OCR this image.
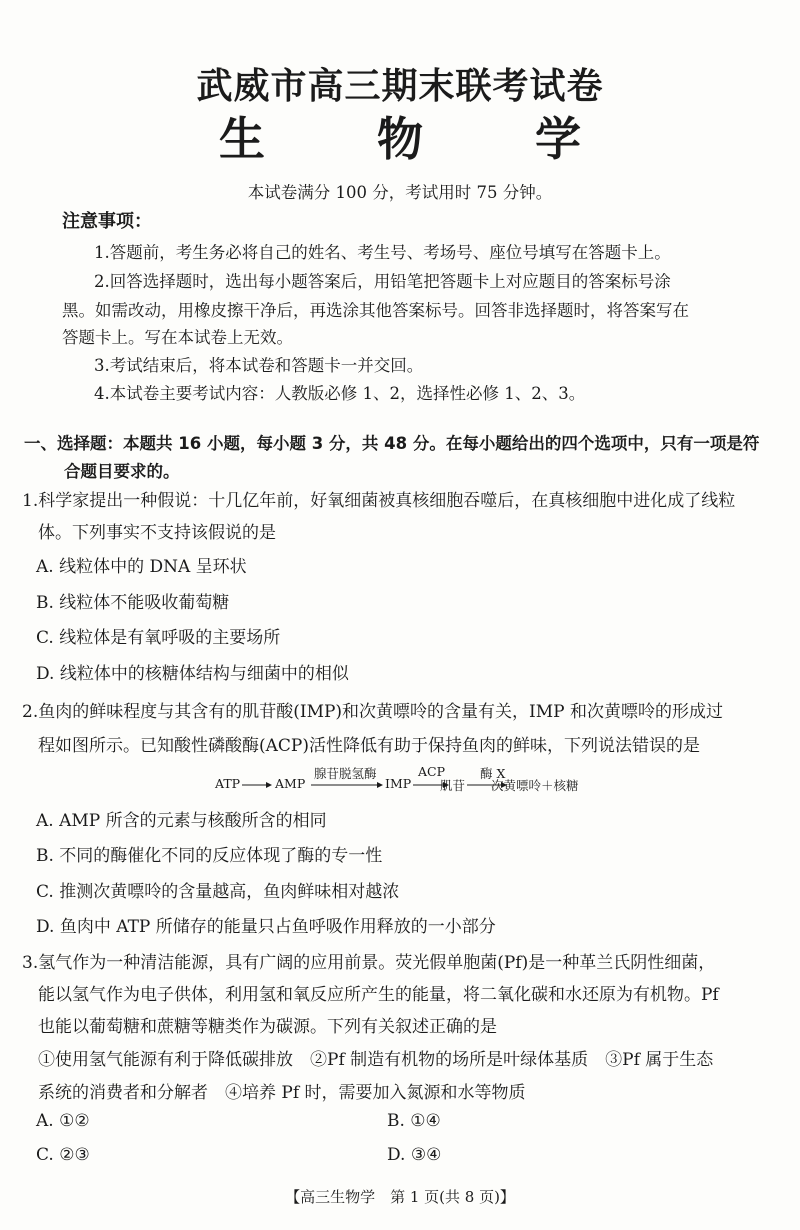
武威市高三期末联考试卷
生 物 学
本试卷满分 100 分，考试用时 75 分钟。
注意事项：
1.答题前，考生务必将自己的姓名、考生号、考场号、座位号填写在答题卡上。
2.回答选择题时，选出每小题答案后，用铅笔把答题卡上对应题目的答案标号涂
黑。如需改动，用橡皮擦干净后，再选涂其他答案标号。回答非选择题时，将答案写在
答题卡上。写在本试卷上无效。
3.考试结束后，将本试卷和答题卡一并交回。
4.本试卷主要考试内容：人教版必修 1、2，选择性必修 1、2、3。
一、选择题：本题共 16 小题，每小题 3 分，共 48 分。在每小题给出的四个选项中，只有一项是符
合题目要求的。
1.科学家提出一种假说：十几亿年前，好氧细菌被真核细胞吞噬后，在真核细胞中进化成了线粒
体。下列事实不支持该假说的是
A. 线粒体中的 DNA 呈环状
B. 线粒体不能吸收葡萄糖
C. 线粒体是有氧呼吸的主要场所
D. 线粒体中的核糖体结构与细菌中的相似
2.鱼肉的鲜味程度与其含有的肌苷酸(IMP)和次黄嘌呤的含量有关，IMP 和次黄嘌呤的形成过
程如图所示。已知酸性磷酸酶(ACP)活性降低有助于保持鱼肉的鲜味，下列说法错误的是
ATP	AMP
腺苷脱氢酶
IMP
ACP
肌苷
酶 X
次黄嘌呤＋核糖
A. AMP 所含的元素与核酸所含的相同
B. 不同的酶催化不同的反应体现了酶的专一性
C. 推测次黄嘌呤的含量越高，鱼肉鲜味相对越浓
D. 鱼肉中 ATP 所储存的能量只占鱼呼吸作用释放的一小部分
3.氢气作为一种清洁能源，具有广阔的应用前景。荧光假单胞菌(Pf)是一种革兰氏阴性细菌，
能以氢气作为电子供体，利用氢和氧反应所产生的能量，将二氧化碳和水还原为有机物。Pf
也能以葡萄糖和蔗糖等糖类作为碳源。下列有关叙述正确的是
①使用氢气能源有利于降低碳排放　②Pf 制造有机物的场所是叶绿体基质　③Pf 属于生态
系统的消费者和分解者　④培养 Pf 时，需要加入氮源和水等物质
A. ①②	B. ①④
C. ②③	D. ③④
【高三生物学　第 1 页(共 8 页)】
